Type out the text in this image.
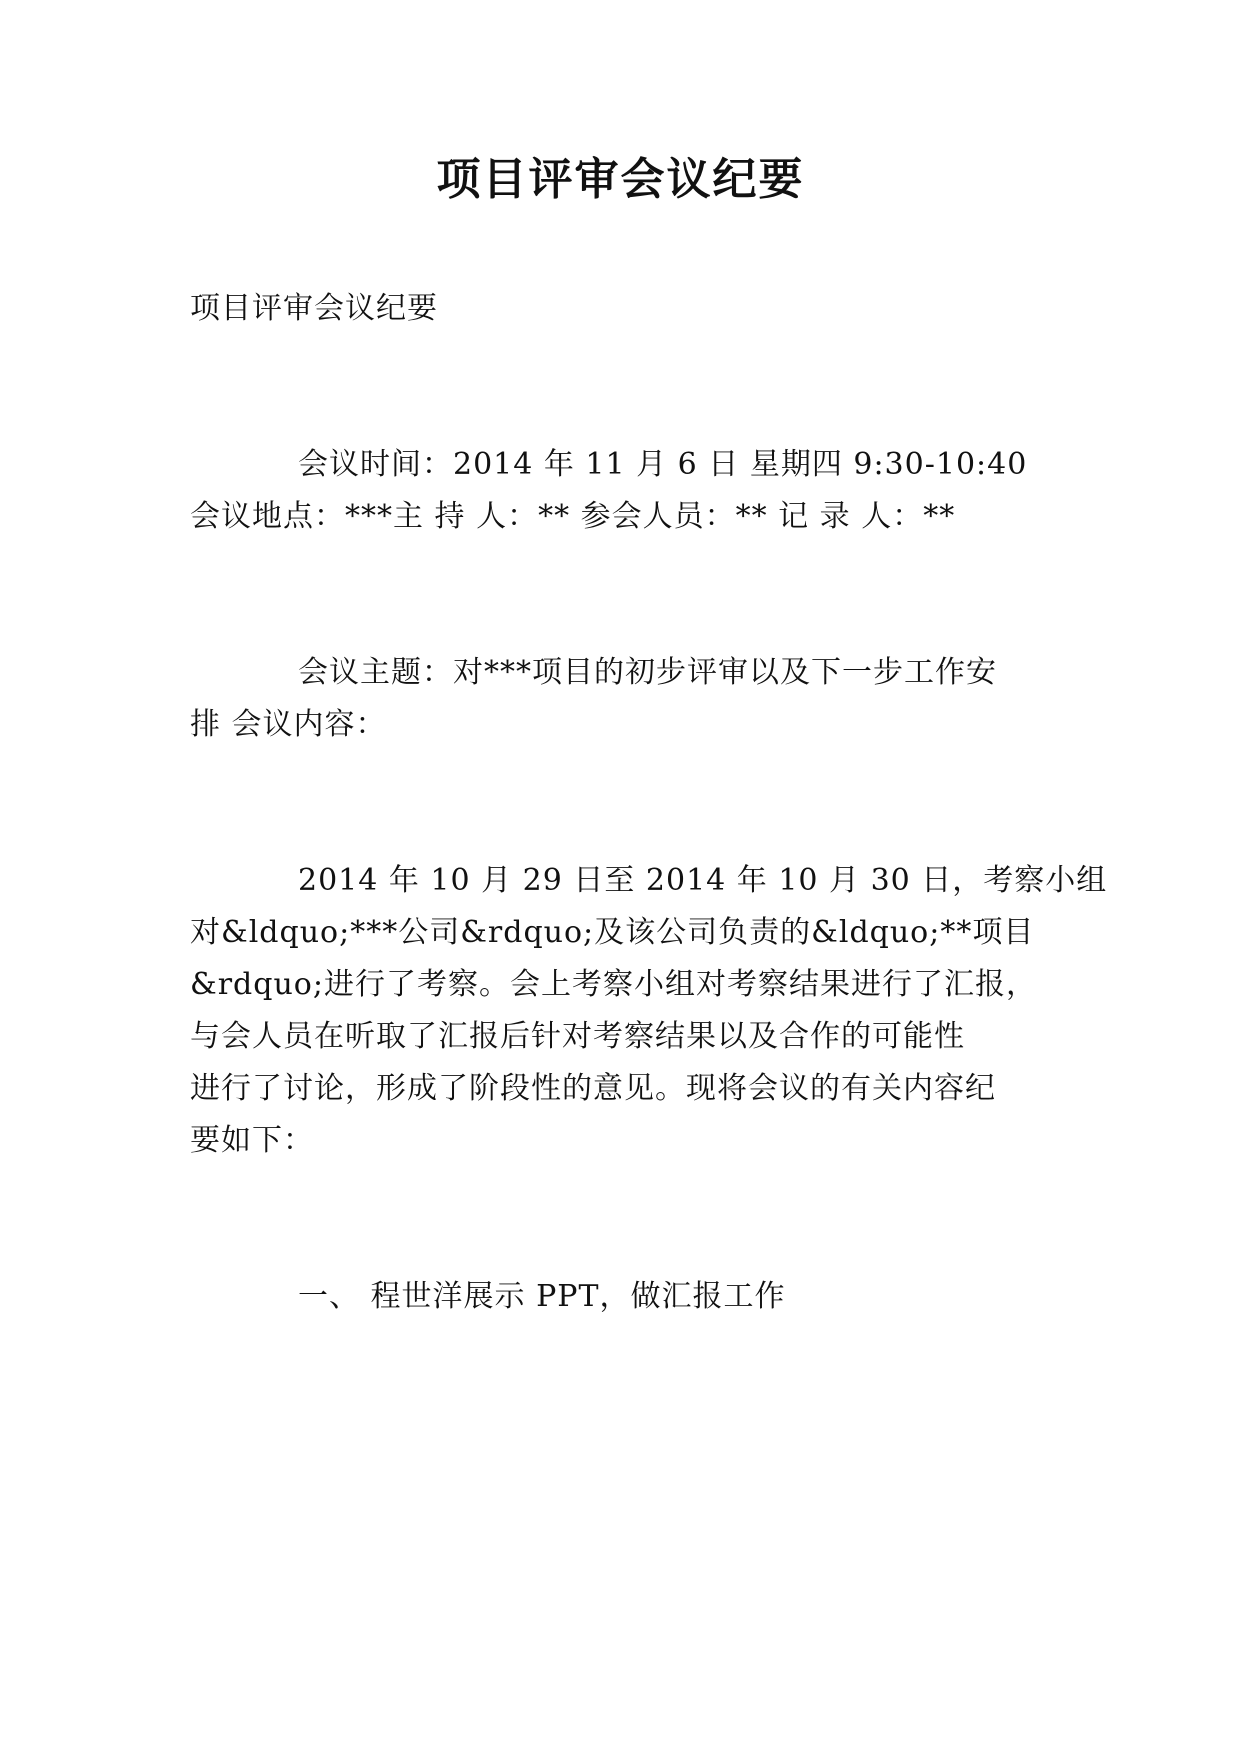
项目评审会议纪要
项目评审会议纪要
会议时间：2014 年 11 月 6 日 星期四 9:30-10:40
会议地点：***主 持 人：** 参会人员：** 记 录 人：**
会议主题：对***项目的初步评审以及下一步工作安
排 会议内容：
2014 年 10 月 29 日至 2014 年 10 月 30 日，考察小组
对&ldquo;***公司&rdquo;及该公司负责的&ldquo;**项目
&rdquo;进行了考察。会上考察小组对考察结果进行了汇报，
与会人员在听取了汇报后针对考察结果以及合作的可能性
进行了讨论，形成了阶段性的意见。现将会议的有关内容纪
要如下：
一、 程世洋展示 PPT，做汇报工作
